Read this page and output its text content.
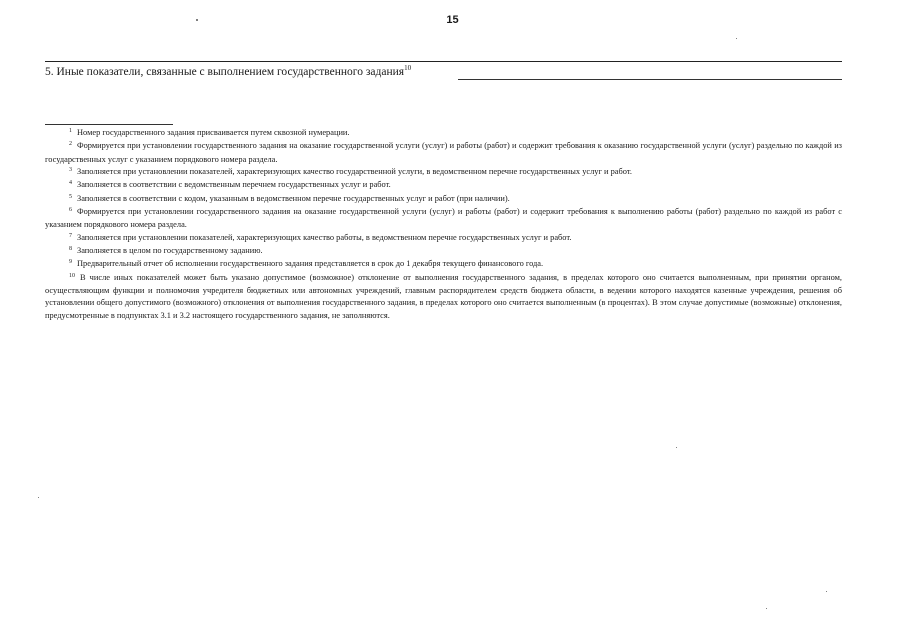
15
5. Иные показатели, связанные с выполнением государственного задания$^{10}$
$^1$ Номер государственного задания присваивается путем сквозной нумерации.
$^2$ Формируется при установлении государственного задания на оказание государственной услуги (услуг) и работы (работ) и содержит требования к оказанию государственной услуги (услуг) раздельно по каждой из государственных услуг с указанием порядкового номера раздела.
$^3$ Заполняется при установлении показателей, характеризующих качество государственной услуги, в ведомственном перечне государственных услуг и работ.
$^4$ Заполняется в соответствии с ведомственным перечнем государственных услуг и работ.
$^5$ Заполняется в соответствии с кодом, указанным в ведомственном перечне государственных услуг и работ (при наличии).
$^6$ Формируется при установлении государственного задания на оказание государственной услуги (услуг) и работы (работ) и содержит требования к выполнению работы (работ) раздельно по каждой из работ с указанием порядкового номера раздела.
$^7$ Заполняется при установлении показателей, характеризующих качество работы, в ведомственном перечне государственных услуг и работ.
$^8$ Заполняется в целом по государственному заданию.
$^9$ Предварительный отчет об исполнении государственного задания представляется в срок до 1 декабря текущего финансового года.
$^{10}$ В числе иных показателей может быть указано допустимое (возможное) отклонение от выполнения государственного задания, в пределах которого оно считается выполненным, при принятии органом, осуществляющим функции и полномочия учредителя бюджетных или автономных учреждений, главным распорядителем средств бюджета области, в ведении которого находятся казенные учреждения, решения об установлении общего допустимого (возможного) отклонения от выполнения государственного задания, в пределах которого оно считается выполненным (в процентах). В этом случае допустимые (возможные) отклонения, предусмотренные в подпунктах 3.1 и 3.2 настоящего государственного задания, не заполняются.
